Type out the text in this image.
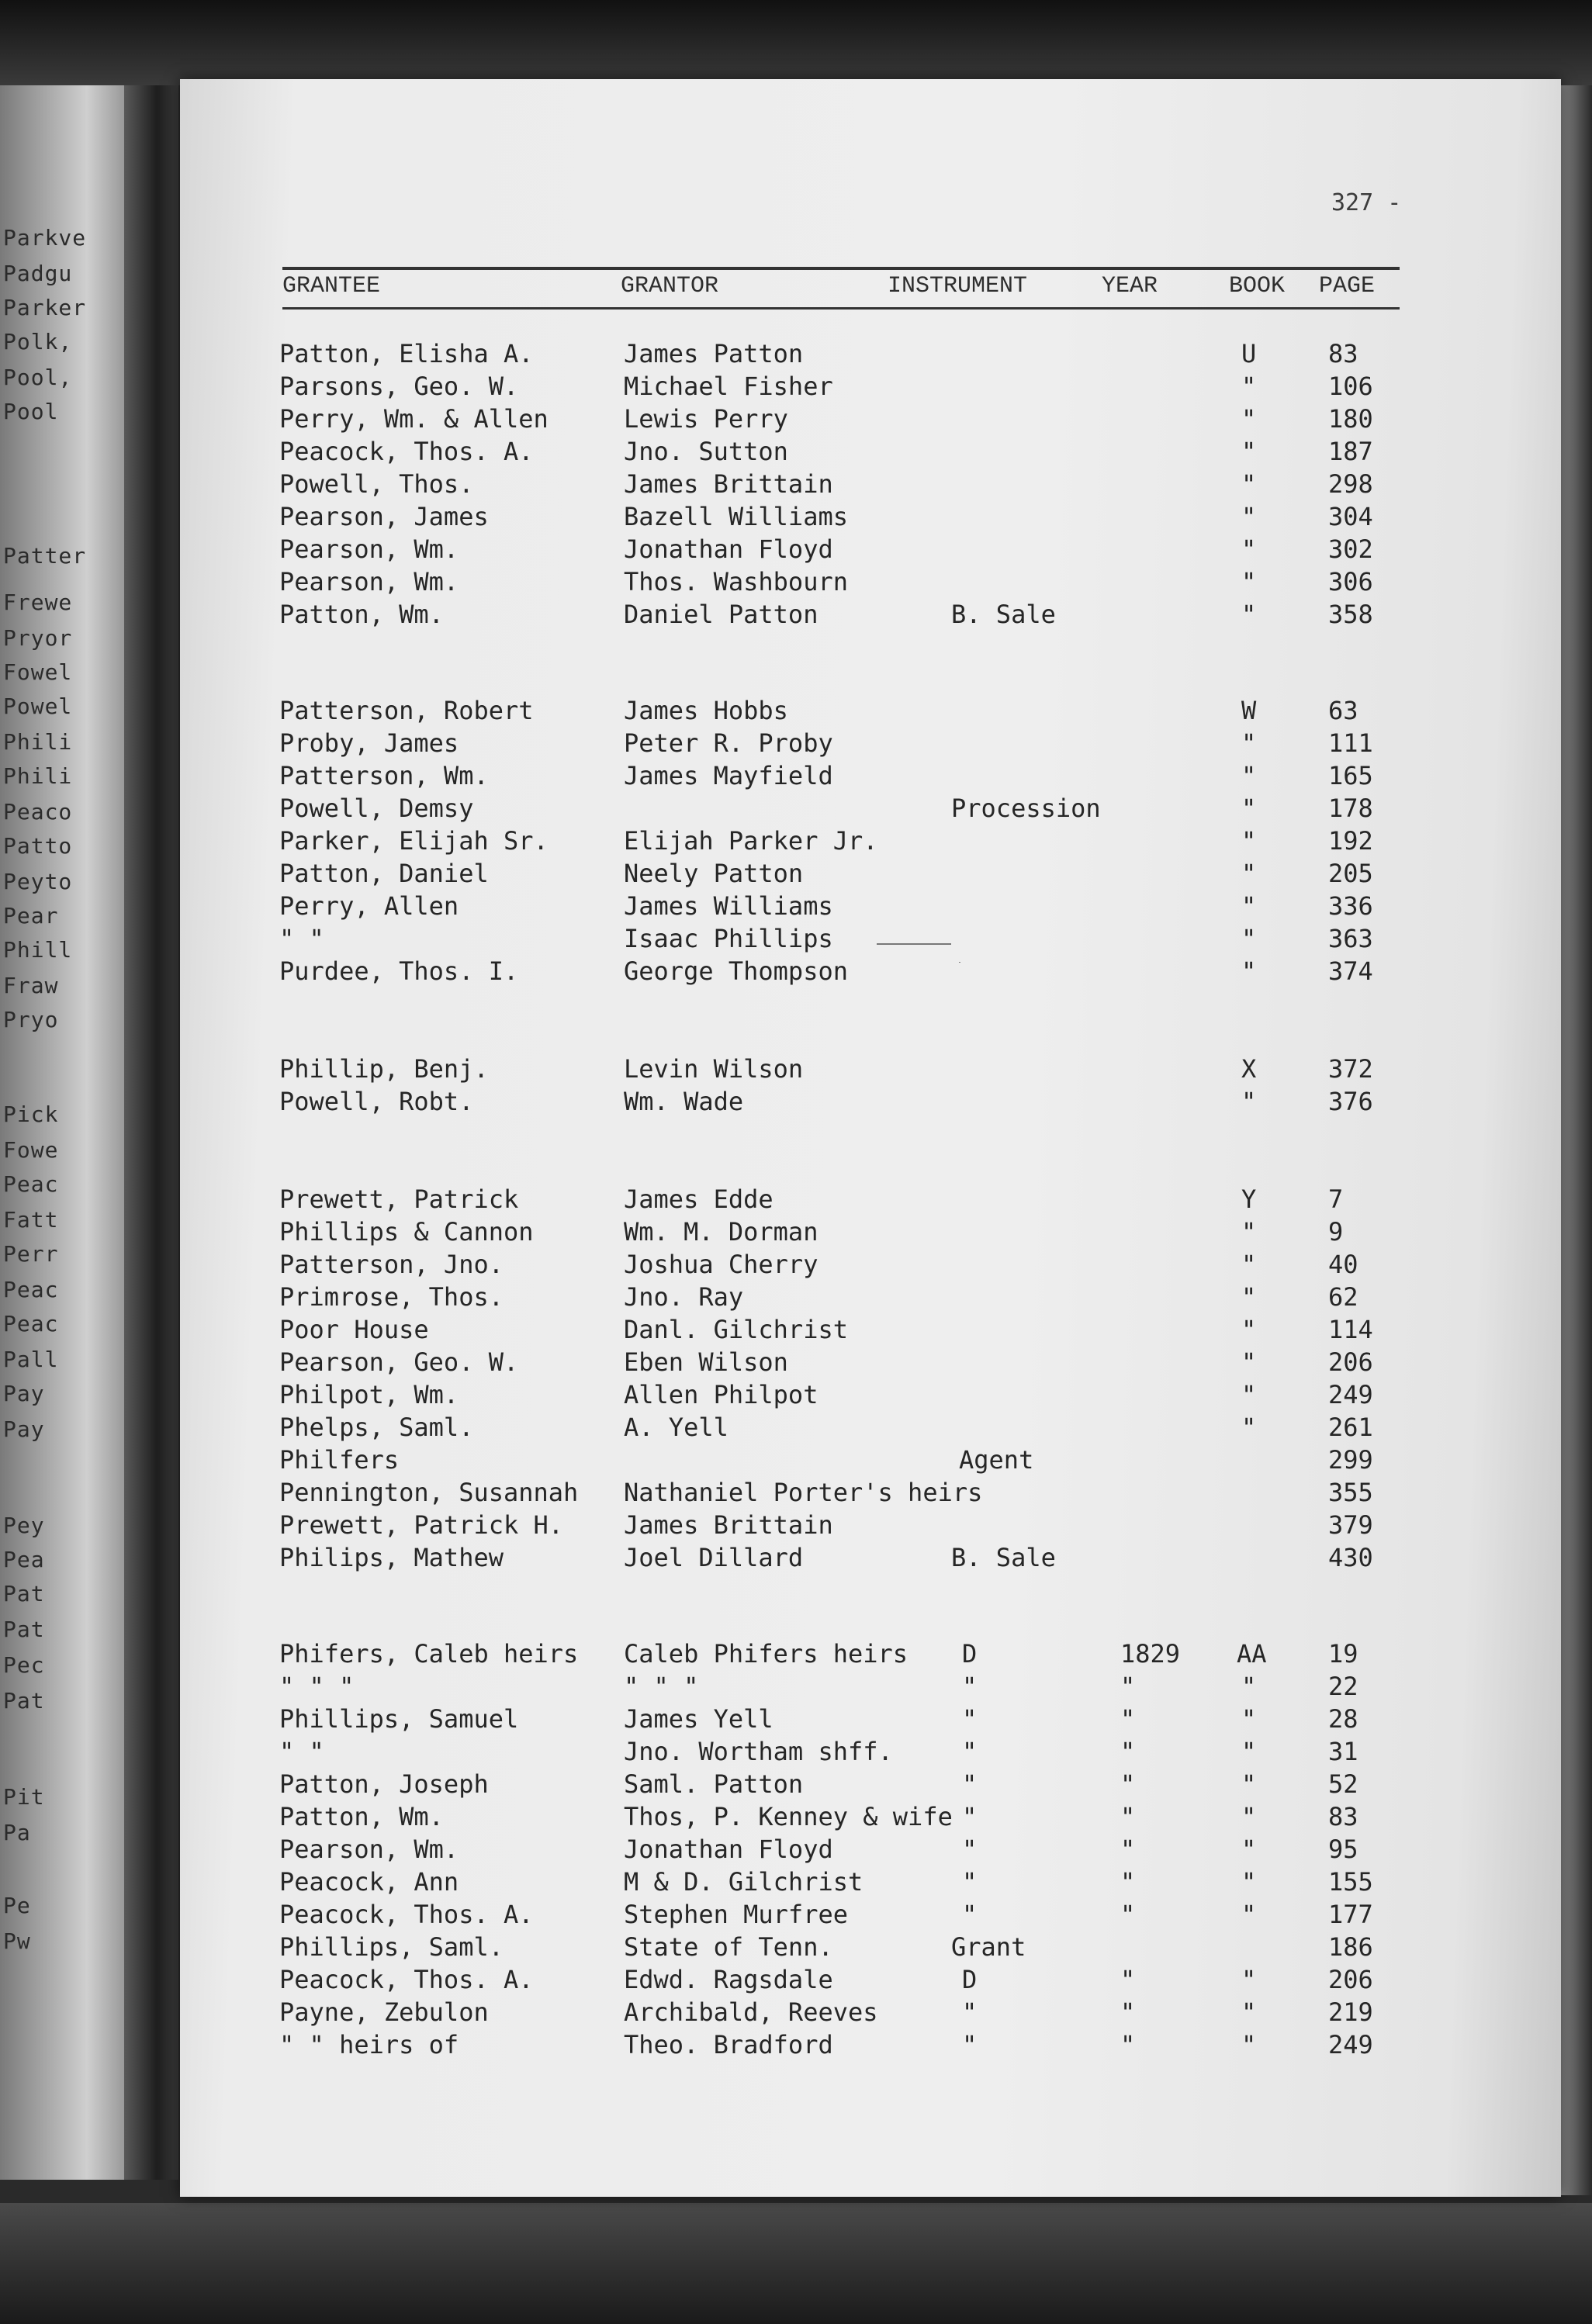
Parkve
Padgu
Parker
Polk,
Pool,
Pool
Patter
Frewe
Pryor
Fowel
Powel
Phili
Phili
Peaco
Patto
Peyto
Pear
Phill
Fraw
Pryo
Pick
Fowe
Peac
Fatt
Perr
Peac
Peac
Pall
Pay
Pay
Pey
Pea
Pat
Pat
Pec
Pat
Pit
Pa
Pe
Pw
327 -
GRANTEE	GRANTOR	INSTRUMENT	YEAR	BOOK PAGE
Patton, Elisha A.	James Patton	U	83
Parsons, Geo. W.	Michael Fisher	"	106
Perry, Wm. & Allen	Lewis Perry	"	180
Peacock, Thos. A.	Jno. Sutton	"	187
Powell, Thos.	James Brittain	"	298
Pearson, James	Bazell Williams	"	304
Pearson, Wm.	Jonathan Floyd	"	302
Pearson, Wm.	Thos. Washbourn	"	306
Patton, Wm.	Daniel Patton	B. Sale	"	358
Patterson, Robert	James Hobbs	W	63
Proby, James	Peter R. Proby	"	111
Patterson, Wm.	James Mayfield	"	165
Powell, Demsy	Procession	"	178
Parker, Elijah Sr.	Elijah Parker Jr.	"	192
Patton, Daniel	Neely Patton	"	205
Perry, Allen	James Williams	"	336
" "	Isaac Phillips	"	363
Purdee, Thos. I.	George Thompson	"	374
Phillip, Benj.	Levin Wilson	X	372
Powell, Robt.	Wm. Wade	"	376
Prewett, Patrick	James Edde	Y	7
Phillips & Cannon	Wm. M. Dorman	"	9
Patterson, Jno.	Joshua Cherry	"	40
Primrose, Thos.	Jno. Ray	"	62
Poor House	Danl. Gilchrist	"	114
Pearson, Geo. W.	Eben Wilson	"	206
Philpot, Wm.	Allen Philpot	"	249
Phelps, Saml.	A. Yell	"	261
Philfers	Agent	299
Pennington, Susannah Nathaniel Porter's heirs	355
Prewett, Patrick H. James Brittain	379
Philips, Mathew	Joel Dillard	B. Sale	430
Phifers, Caleb heirs Caleb Phifers heirs D	1829 AA 19
" " "	" " "	"	"	"	22
Phillips, Samuel	James Yell	"	"	"	28
" "	Jno. Wortham shff.	"	"	"	31
Patton, Joseph	Saml. Patton	"	"	"	52
Patton, Wm.	Thos, P. Kenney & wife "	"	"	83
Pearson, Wm.	Jonathan Floyd	"	"	"	95
Peacock, Ann	M & D. Gilchrist	"	"	"	155
Peacock, Thos. A.	Stephen Murfree	"	"	"	177
Phillips, Saml.	State of Tenn.	Grant	186
Peacock, Thos. A.	Edwd. Ragsdale	D	"	"	206
Payne, Zebulon	Archibald, Reeves	"	"	"	219
" " heirs of	Theo. Bradford	"	"	"	249
